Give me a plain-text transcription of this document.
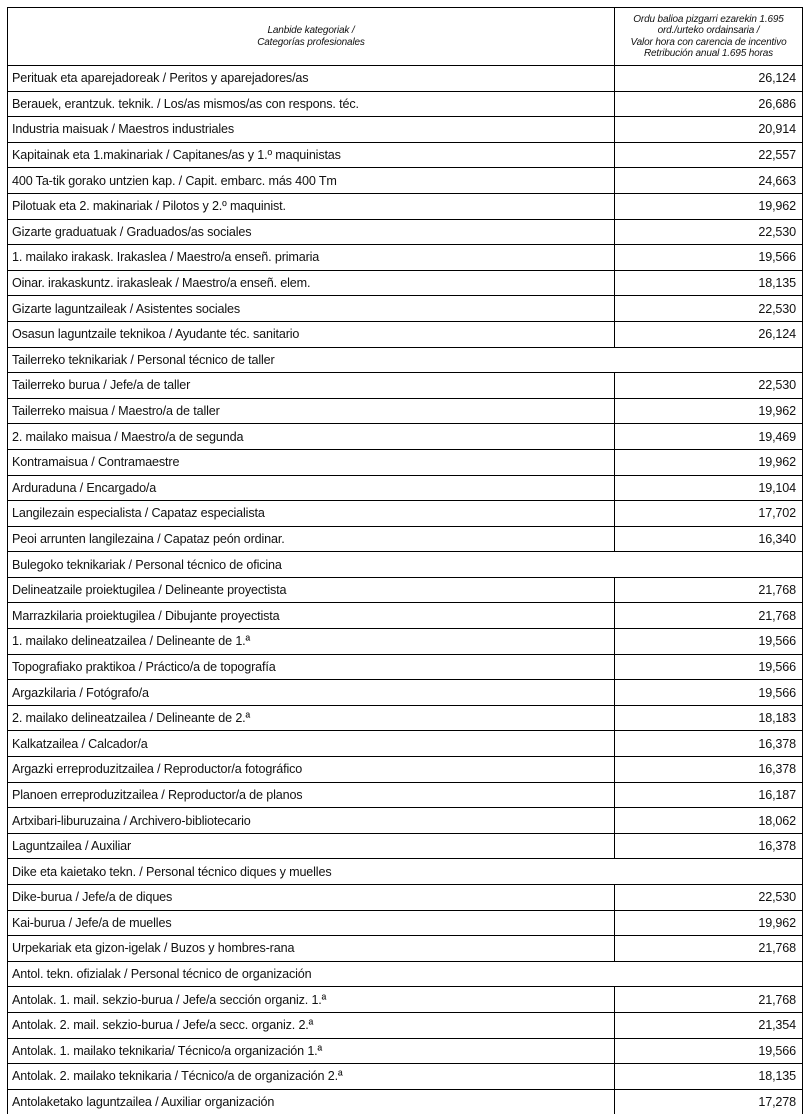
Lanbide kategoriak /
Categorías profesionales

Ordu balioa pizgarri ezarekin 1.695
ord./urteko ordainsaria /
Valor hora con carencia de incentivo
Retribución anual 1.695 horas

Perituak eta aparejadoreak / Peritos y aparejadores/as	26,124
Berauek, erantzuk. teknik. / Los/as mismos/as con respons. téc.	26,686
Industria maisuak / Maestros industriales	20,914
Kapitainak eta 1.makinariak / Capitanes/as y 1.º maquinistas	22,557
400 Ta-tik gorako untzien kap. / Capit. embarc. más 400 Tm	24,663
Pilotuak eta 2. makinariak / Pilotos y 2.º maquinist.	19,962
Gizarte graduatuak / Graduados/as sociales	22,530
1. mailako irakask. Irakaslea / Maestro/a enseñ. primaria	19,566
Oinar. irakaskuntz. irakasleak / Maestro/a enseñ. elem.	18,135
Gizarte laguntzaileak / Asistentes sociales	22,530
Osasun laguntzaile teknikoa / Ayudante téc. sanitario	26,124
Tailerreko teknikariak / Personal técnico de taller	
Tailerreko burua / Jefe/a de taller	22,530
Tailerreko maisua / Maestro/a de taller	19,962
2. mailako maisua / Maestro/a de segunda	19,469
Kontramaisua / Contramaestre	19,962
Arduraduna / Encargado/a	19,104
Langilezain especialista / Capataz especialista	17,702
Peoi arrunten langilezaina / Capataz peón ordinar.	16,340
Bulegoko teknikariak / Personal técnico de oficina	
Delineatzaile proiektugilea / Delineante proyectista	21,768
Marrazkilaria proiektugilea / Dibujante proyectista	21,768
1. mailako delineatzailea / Delineante de 1.ª	19,566
Topografiako praktikoa / Práctico/a de topografía	19,566
Argazkilaria / Fotógrafo/a	19,566
2. mailako delineatzailea / Delineante de 2.ª	18,183
Kalkatzailea / Calcador/a	16,378
Argazki erreproduzitzailea / Reproductor/a fotográfico	16,378
Planoen erreproduzitzailea / Reproductor/a de planos	16,187
Artxibari-liburuzaina / Archivero-bibliotecario	18,062
Laguntzailea / Auxiliar	16,378
Dike eta kaietako tekn. / Personal técnico diques y muelles	
Dike-burua / Jefe/a de diques	22,530
Kai-burua / Jefe/a de muelles	19,962
Urpekariak eta gizon-igelak / Buzos y hombres-rana	21,768
Antol. tekn. ofizialak / Personal técnico de organización	
Antolak. 1. mail. sekzio-burua / Jefe/a sección organiz. 1.ª	21,768
Antolak. 2. mail. sekzio-burua / Jefe/a secc. organiz. 2.ª	21,354
Antolak. 1. mailako teknikaria/ Técnico/a organización 1.ª	19,566
Antolak. 2. mailako teknikaria / Técnico/a de organización 2.ª	18,135
Antolaketako laguntzailea / Auxiliar organización	17,278
